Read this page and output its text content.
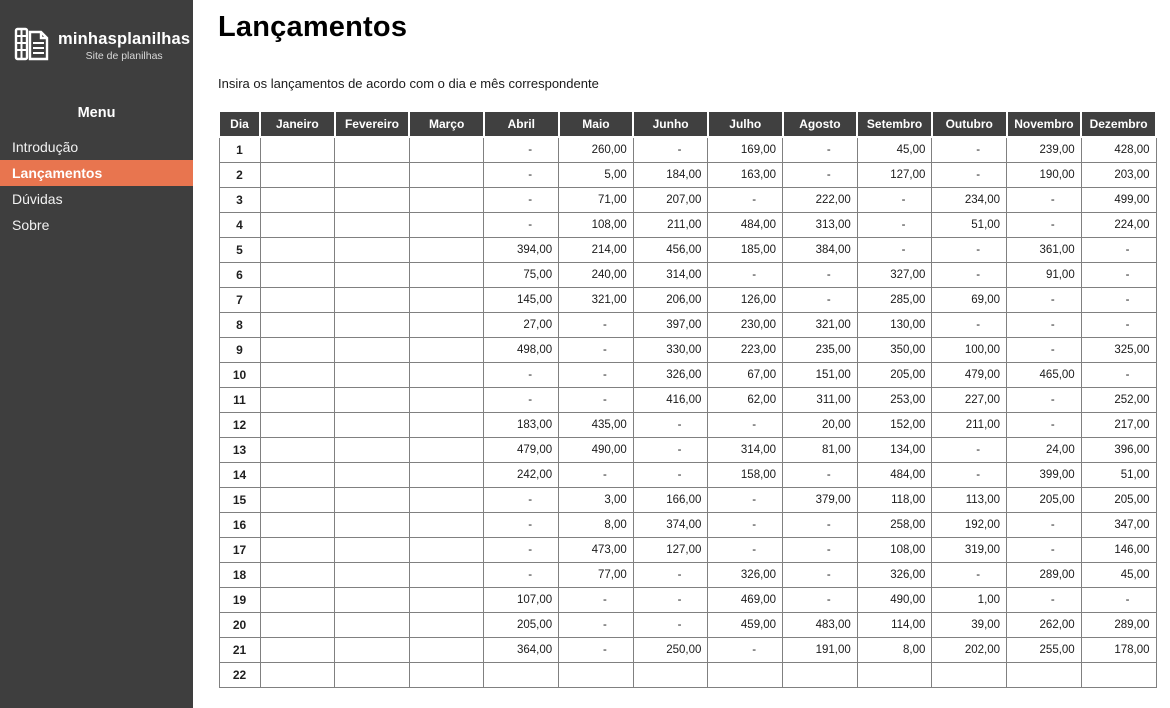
minhasplanilhas
Site de planilhas
Menu
Introdução
Lançamentos
Dúvidas
Sobre
Lançamentos
Insira os lançamentos de acordo com o dia e mês correspondente
Dia	Janeiro	Fevereiro	Março	Abril	Maio	Junho	Julho	Agosto	Setembro	Outubro	Novembro	Dezembro
1				-	260,00	-	169,00	-	45,00	-	239,00	428,00
2				-	5,00	184,00	163,00	-	127,00	-	190,00	203,00
3				-	71,00	207,00	-	222,00	-	234,00	-	499,00
4				-	108,00	211,00	484,00	313,00	-	51,00	-	224,00
5				394,00	214,00	456,00	185,00	384,00	-	-	361,00	-
6				75,00	240,00	314,00	-	-	327,00	-	91,00	-
7				145,00	321,00	206,00	126,00	-	285,00	69,00	-	-
8				27,00	-	397,00	230,00	321,00	130,00	-	-	-
9				498,00	-	330,00	223,00	235,00	350,00	100,00	-	325,00
10				-	-	326,00	67,00	151,00	205,00	479,00	465,00	-
11				-	-	416,00	62,00	311,00	253,00	227,00	-	252,00
12				183,00	435,00	-	-	20,00	152,00	211,00	-	217,00
13				479,00	490,00	-	314,00	81,00	134,00	-	24,00	396,00
14				242,00	-	-	158,00	-	484,00	-	399,00	51,00
15				-	3,00	166,00	-	379,00	118,00	113,00	205,00	205,00
16				-	8,00	374,00	-	-	258,00	192,00	-	347,00
17				-	473,00	127,00	-	-	108,00	319,00	-	146,00
18				-	77,00	-	326,00	-	326,00	-	289,00	45,00
19				107,00	-	-	469,00	-	490,00	1,00	-	-
20				205,00	-	-	459,00	483,00	114,00	39,00	262,00	289,00
21				364,00	-	250,00	-	191,00	8,00	202,00	255,00	178,00
22												
